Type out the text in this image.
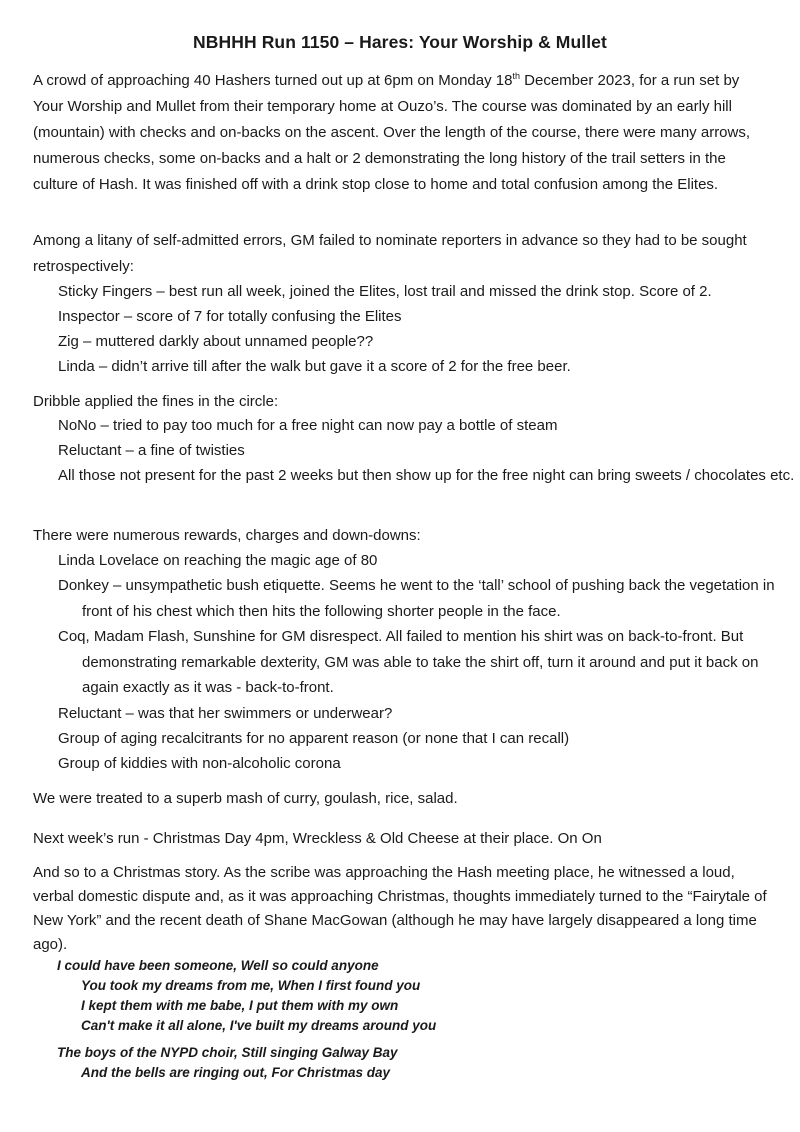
NBHHH Run 1150 – Hares: Your Worship & Mullet
A crowd of approaching 40 Hashers turned out up at 6pm on Monday 18th December 2023, for a run set by Your Worship and Mullet from their temporary home at Ouzo’s. The course was dominated by an early hill (mountain) with checks and on-backs on the ascent. Over the length of the course, there were many arrows, numerous checks, some on-backs and a halt or 2 demonstrating the long history of the trail setters in the culture of Hash. It was finished off with a drink stop close to home and total confusion among the Elites.
Among a litany of self-admitted errors, GM failed to nominate reporters in advance so they had to be sought retrospectively:
Sticky Fingers – best run all week, joined the Elites, lost trail and missed the drink stop. Score of 2.
Inspector – score of 7 for totally confusing the Elites
Zig – muttered darkly about unnamed people??
Linda – didn’t arrive till after the walk but gave it a score of 2 for the free beer.
Dribble applied the fines in the circle:
NoNo – tried to pay too much for a free night can now pay a bottle of steam
Reluctant – a fine of twisties
All those not present for the past 2 weeks but then show up for the free night can bring sweets / chocolates etc.
There were numerous rewards, charges and down-downs:
Linda Lovelace on reaching the magic age of 80
Donkey – unsympathetic bush etiquette. Seems he went to the ‘tall’ school of pushing back the vegetation in front of his chest which then hits the following shorter people in the face.
Coq, Madam Flash, Sunshine for GM disrespect. All failed to mention his shirt was on back-to-front. But demonstrating remarkable dexterity, GM was able to take the shirt off, turn it around and put it back on again exactly as it was - back-to-front.
Reluctant – was that her swimmers or underwear?
Group of aging recalcitrants for no apparent reason (or none that I can recall)
Group of kiddies with non-alcoholic corona
We were treated to a superb mash of curry, goulash, rice, salad.
Next week’s run - Christmas Day 4pm, Wreckless & Old Cheese at their place. On On
And so to a Christmas story. As the scribe was approaching the Hash meeting place, he witnessed a loud, verbal domestic dispute and, as it was approaching Christmas, thoughts immediately turned to the “Fairytale of New York” and the recent death of Shane MacGowan (although he may have largely disappeared a long time ago).
I could have been someone, Well so could anyone
You took my dreams from me, When I first found you
I kept them with me babe, I put them with my own
Can't make it all alone, I've built my dreams around you
The boys of the NYPD choir, Still singing Galway Bay
And the bells are ringing out, For Christmas day
